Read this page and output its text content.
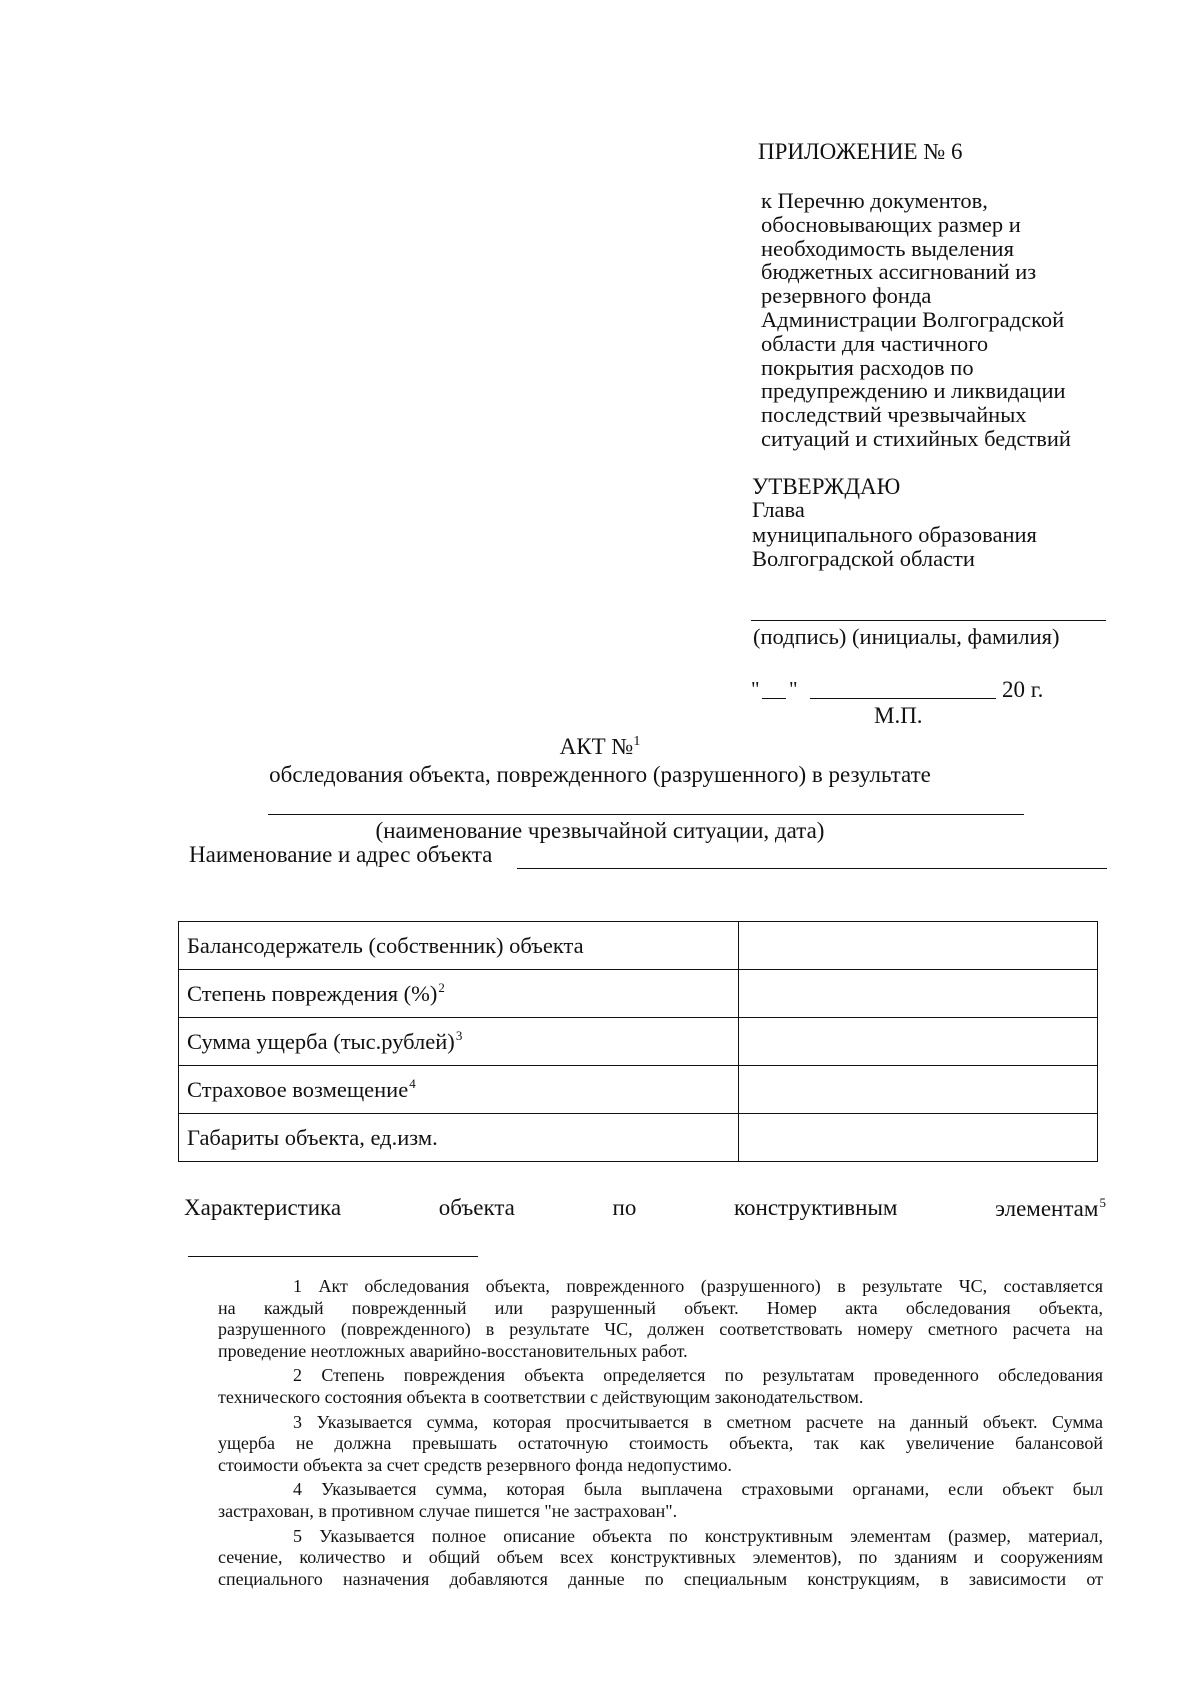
ПРИЛОЖЕНИЕ № 6
к Перечню документов,
обосновывающих размер и
необходимость выделения
бюджетных ассигнований из
резервного фонда
Администрации Волгоградской
области для частичного
покрытия расходов по
предупреждению и ликвидации
последствий чрезвычайных
ситуаций и стихийных бедствий
УТВЕРЖДАЮ
Глава
муниципального образования
Волгоградской области
(подпись) (инициалы, фамилия)
" "	20 г.
М.П.
АКТ №$^1$
обследования объекта, поврежденного (разрушенного) в результате
(наименование чрезвычайной ситуации, дата)
Наименование и адрес объекта
Балансодержатель (собственник) объекта	
Степень повреждения (%)$^2$	
Сумма ущерба (тыс.рублей)$^3$	
Страховое возмещение$^4$	
Габариты объекта, ед.изм.	
Характеристика	объекта	по	конструктивным	элементам$^5$
1 Акт обследования объекта, поврежденного (разрушенного) в результате ЧС, составляется
на каждый поврежденный или разрушенный объект. Номер акта обследования объекта,
разрушенного (поврежденного) в результате ЧС, должен соответствовать номеру сметного расчета на
проведение неотложных аварийно-восстановительных работ.
2 Степень повреждения объекта определяется по результатам проведенного обследования
технического состояния объекта в соответствии с действующим законодательством.
3 Указывается сумма, которая просчитывается в сметном расчете на данный объект. Сумма
ущерба не должна превышать остаточную стоимость объекта, так как увеличение балансовой
стоимости объекта за счет средств резервного фонда недопустимо.
4 Указывается сумма, которая была выплачена страховыми органами, если объект был
застрахован, в противном случае пишется "не застрахован".
5 Указывается полное описание объекта по конструктивным элементам (размер, материал,
сечение, количество и общий объем всех конструктивных элементов), по зданиям и сооружениям
специального назначения добавляются данные по специальным конструкциям, в зависимости от
